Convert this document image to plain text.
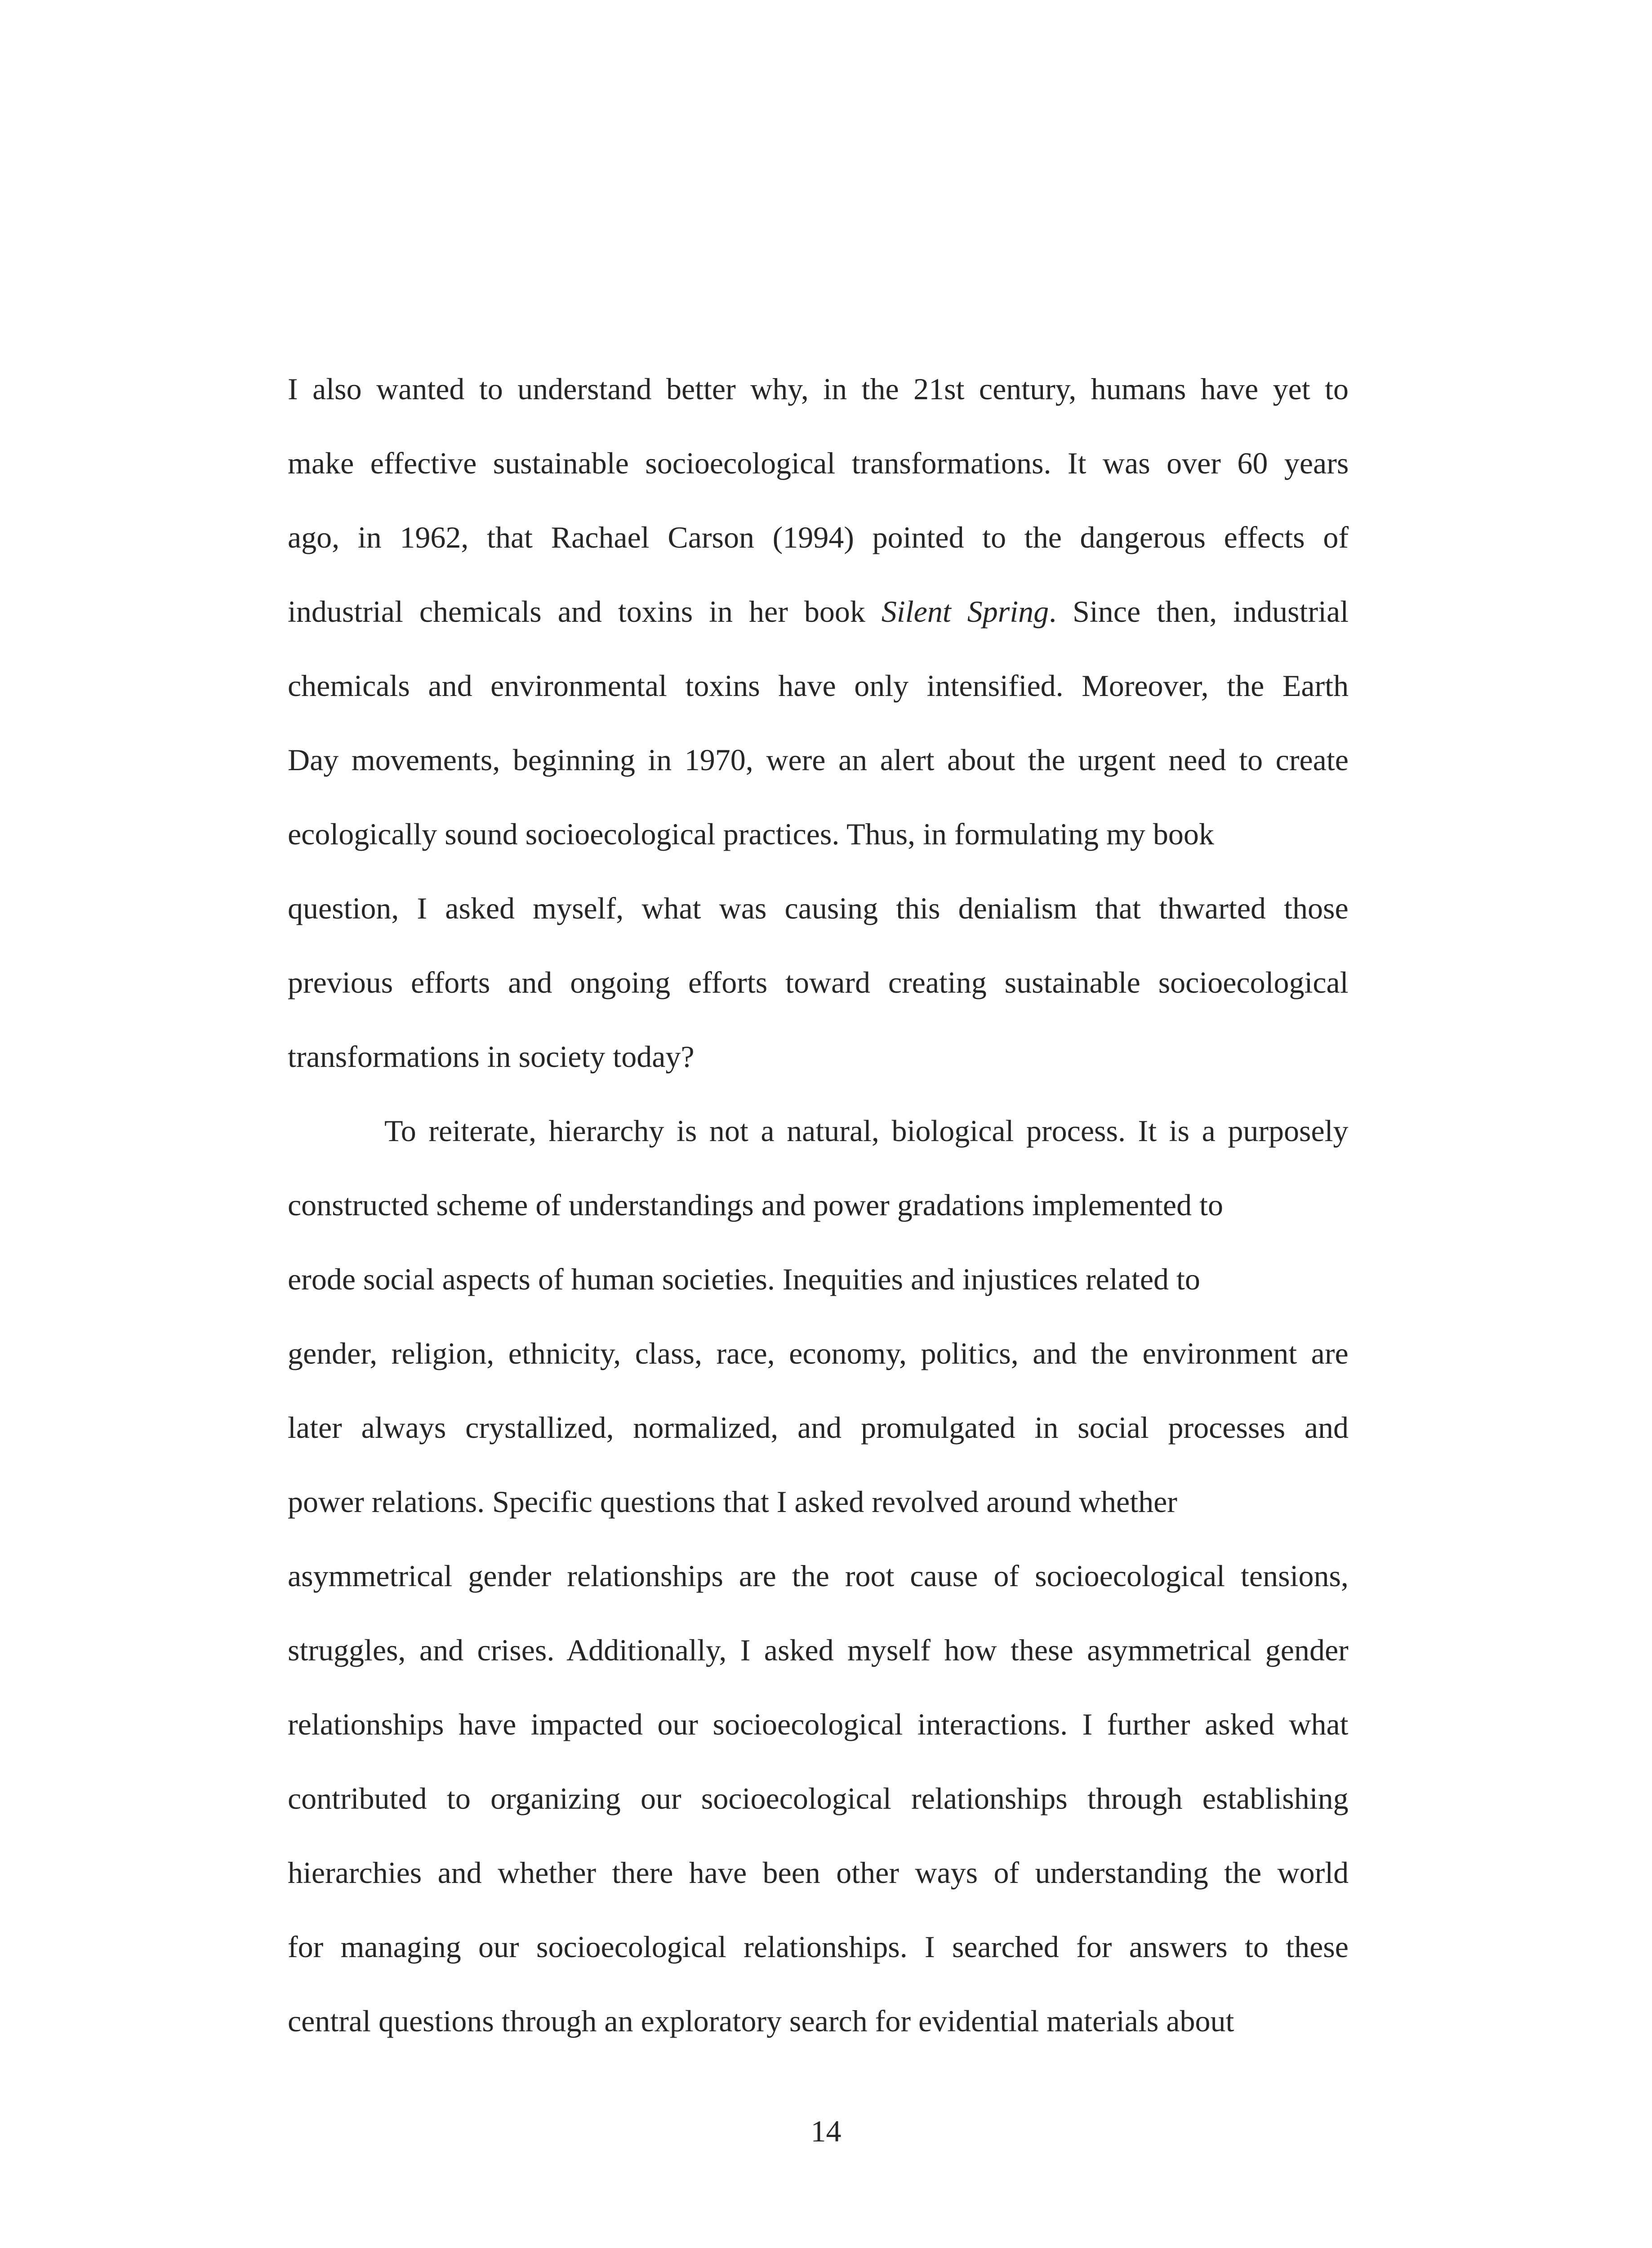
I also wanted to understand better why, in the 21st century, humans have yet to
make effective sustainable socioecological transformations. It was over 60 years
ago, in 1962, that Rachael Carson (1994) pointed to the dangerous effects of
industrial chemicals and toxins in her book Silent Spring. Since then, industrial
chemicals and environmental toxins have only intensified. Moreover, the Earth
Day movements, beginning in 1970, were an alert about the urgent need to create
ecologically sound socioecological practices. Thus, in formulating my book
question, I asked myself, what was causing this denialism that thwarted those
previous efforts and ongoing efforts toward creating sustainable socioecological
transformations in society today?
To reiterate, hierarchy is not a natural, biological process. It is a purposely
constructed scheme of understandings and power gradations implemented to
erode social aspects of human societies. Inequities and injustices related to
gender, religion, ethnicity, class, race, economy, politics, and the environment are
later always crystallized, normalized, and promulgated in social processes and
power relations. Specific questions that I asked revolved around whether
asymmetrical gender relationships are the root cause of socioecological tensions,
struggles, and crises. Additionally, I asked myself how these asymmetrical gender
relationships have impacted our socioecological interactions. I further asked what
contributed to organizing our socioecological relationships through establishing
hierarchies and whether there have been other ways of understanding the world
for managing our socioecological relationships. I searched for answers to these
central questions through an exploratory search for evidential materials about
14
